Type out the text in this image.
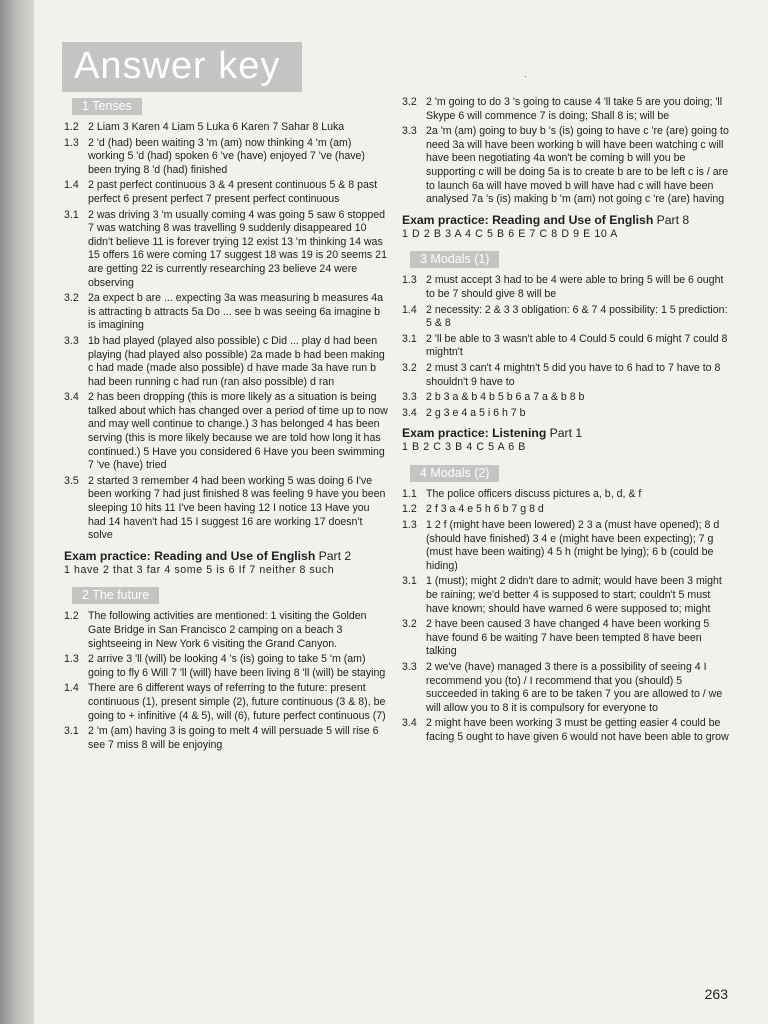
Answer key	·
1 Tenses
1.2 2 Liam 3 Karen 4 Liam 5 Luka 6 Karen 7 Sahar 8 Luka
1.3 2 'd (had) been waiting 3 'm (am) now thinking 4 'm (am) working 5 'd (had) spoken 6 've (have) enjoyed 7 've (have) been trying 8 'd (had) finished
1.4 2 past perfect continuous 3 & 4 present continuous 5 & 8 past perfect 6 present perfect 7 present perfect continuous
3.1 2 was driving 3 'm usually coming 4 was going 5 saw 6 stopped 7 was watching 8 was travelling 9 suddenly disappeared 10 didn't believe 11 is forever trying 12 exist 13 'm thinking 14 was 15 offers 16 were coming 17 suggest 18 was 19 is 20 seems 21 are getting 22 is currently researching 23 believe 24 were observing
3.2 2a expect b are ... expecting 3a was measuring b measures 4a is attracting b attracts 5a Do ... see b was seeing 6a imagine b is imagining
3.3 1b had played (played also possible) c Did ... play d had been playing (had played also possible) 2a made b had been making c had made (made also possible) d have made 3a have run b had been running c had run (ran also possible) d ran
3.4 2 has been dropping (this is more likely as a situation is being talked about which has changed over a period of time up to now and may well continue to change.) 3 has belonged 4 has been serving (this is more likely because we are told how long it has continued.) 5 Have you considered 6 Have you been swimming 7 've (have) tried
3.5 2 started 3 remember 4 had been working 5 was doing 6 I've been working 7 had just finished 8 was feeling 9 have you been sleeping 10 hits 11 I've been having 12 I notice 13 Have you had 14 haven't had 15 I suggest 16 are working 17 doesn't solve
Exam practice: Reading and Use of English Part 2
1 have 2 that 3 far 4 some 5 is 6 If 7 neither 8 such
2 The future
1.2 The following activities are mentioned: 1 visiting the Golden Gate Bridge in San Francisco 2 camping on a beach 3 sightseeing in New York 6 visiting the Grand Canyon.
1.3 2 arrive 3 'll (will) be looking 4 's (is) going to take 5 'm (am) going to fly 6 Will 7 'll (will) have been living 8 'll (will) be staying
1.4 There are 6 different ways of referring to the future: present continuous (1), present simple (2), future continuous (3 & 8), be going to + infinitive (4 & 5), will (6), future perfect continuous (7)
3.1 2 'm (am) having 3 is going to melt 4 will persuade 5 will rise 6 see 7 miss 8 will be enjoying
3.2 2 'm going to do 3 's going to cause 4 'll take 5 are you doing; 'll Skype 6 will commence 7 is doing; Shall 8 is; will be
3.3 2a 'm (am) going to buy b 's (is) going to have c 're (are) going to need 3a will have been working b will have been watching c will have been negotiating 4a won't be coming b will you be supporting c will be doing 5a is to create b are to be left c is / are to launch 6a will have moved b will have had c will have been analysed 7a 's (is) making b 'm (am) not going c 're (are) having
Exam practice: Reading and Use of English Part 8
1 D 2 B 3 A 4 C 5 B 6 E 7 C 8 D 9 E 10 A
3 Modals (1)
1.3 2 must accept 3 had to be 4 were able to bring 5 will be 6 ought to be 7 should give 8 will be
1.4 2 necessity: 2 & 3 3 obligation: 6 & 7 4 possibility: 1 5 prediction: 5 & 8
3.1 2 'll be able to 3 wasn't able to 4 Could 5 could 6 might 7 could 8 mightn't
3.2 2 must 3 can't 4 mightn't 5 did you have to 6 had to 7 have to 8 shouldn't 9 have to
3.3 2 b 3 a & b 4 b 5 b 6 a 7 a & b 8 b
3.4 2 g 3 e 4 a 5 i 6 h 7 b
Exam practice: Listening Part 1
1 B 2 C 3 B 4 C 5 A 6 B
4 Modals (2)
1.1 The police officers discuss pictures a, b, d, & f
1.2 2 f 3 a 4 e 5 h 6 b 7 g 8 d
1.3 1 2 f (might have been lowered) 2 3 a (must have opened); 8 d (should have finished) 3 4 e (might have been expecting); 7 g (must have been waiting) 4 5 h (might be lying); 6 b (could be hiding)
3.1 1 (must); might 2 didn't dare to admit; would have been 3 might be raining; we'd better 4 is supposed to start; couldn't 5 must have known; should have warned 6 were supposed to; might
3.2 2 have been caused 3 have changed 4 have been working 5 have found 6 be waiting 7 have been tempted 8 have been talking
3.3 2 we've (have) managed 3 there is a possibility of seeing 4 I recommend you (to) / I recommend that you (should) 5 succeeded in taking 6 are to be taken 7 you are allowed to / we will allow you to 8 it is compulsory for everyone to
3.4 2 might have been working 3 must be getting easier 4 could be facing 5 ought to have given 6 would not have been able to grow
263
